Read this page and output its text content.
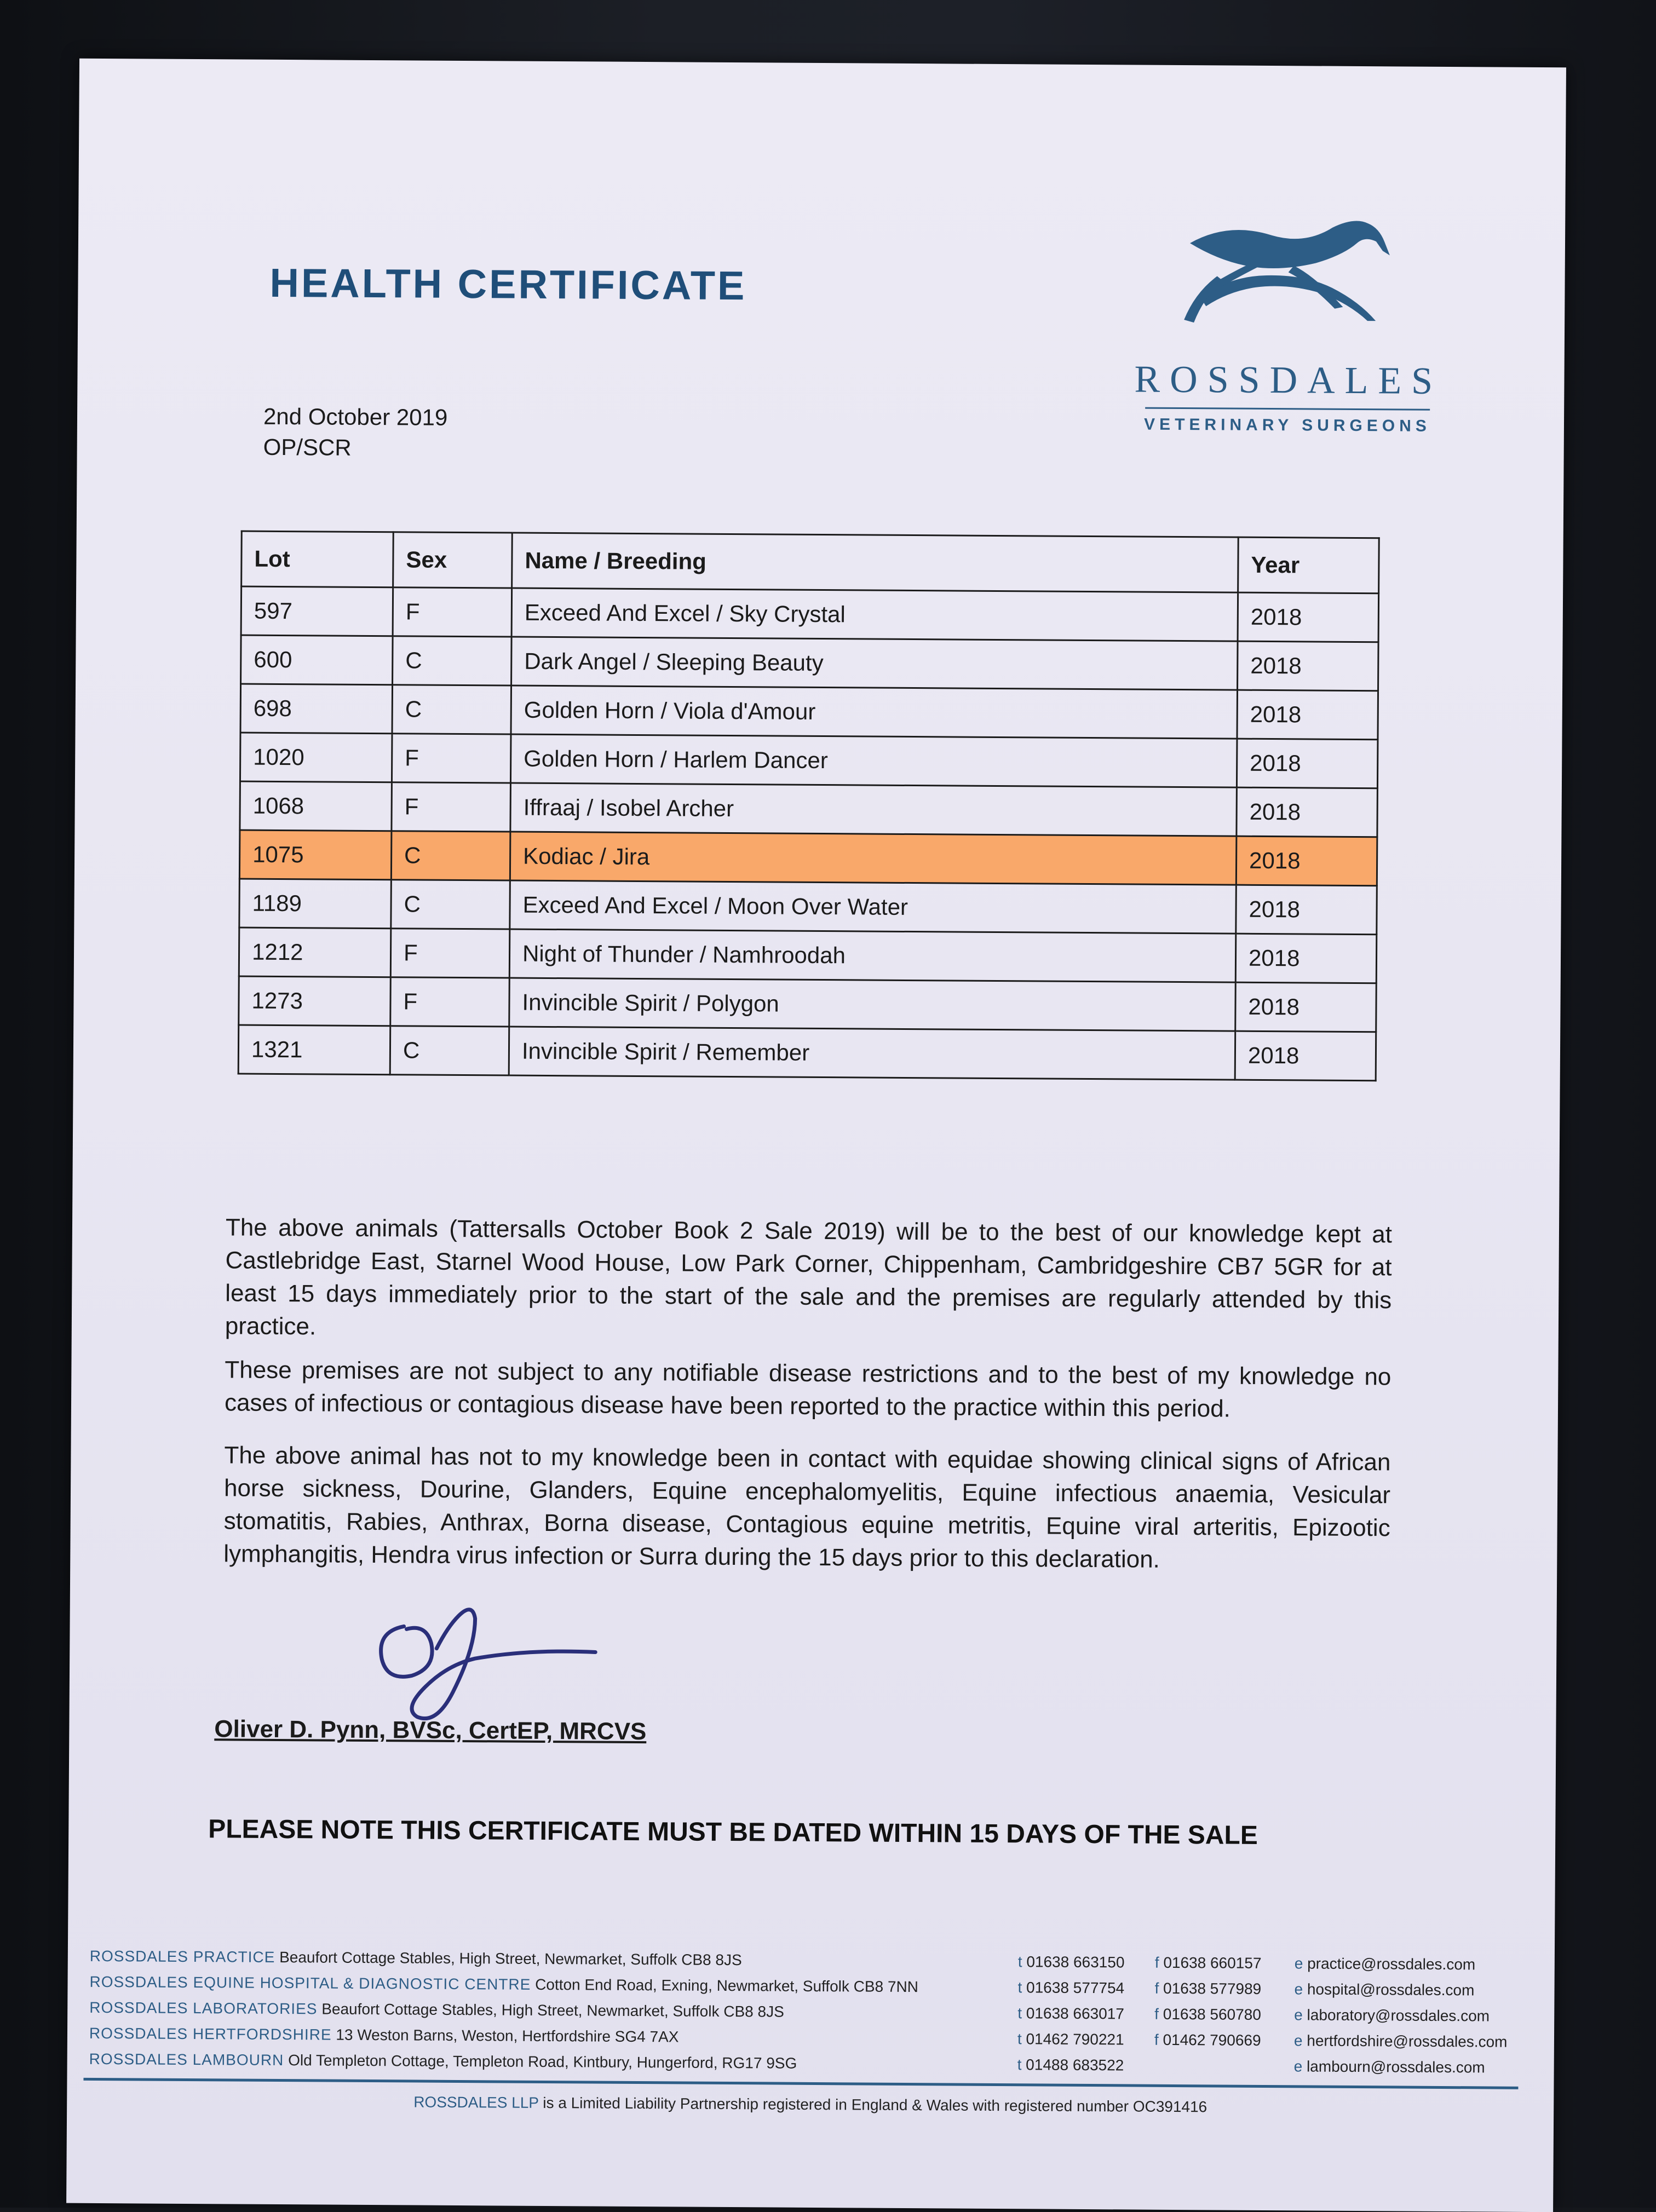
ROSSDALES
VETERINARY SURGEONS
HEALTH CERTIFICATE
2nd October 2019
OP/SCR
Lot	Sex	Name / Breeding	Year
597	F	Exceed And Excel / Sky Crystal	2018
600	C	Dark Angel / Sleeping Beauty	2018
698	C	Golden Horn / Viola d'Amour	2018
1020	F	Golden Horn / Harlem Dancer	2018
1068	F	Iffraaj / Isobel Archer	2018
1075	C	Kodiac / Jira	2018
1189	C	Exceed And Excel / Moon Over Water	2018
1212	F	Night of Thunder / Namhroodah	2018
1273	F	Invincible Spirit / Polygon	2018
1321	C	Invincible Spirit / Remember	2018

The above animals (Tattersalls October Book 2 Sale 2019) will be to the best of our knowledge kept at Castlebridge East, Starnel Wood House, Low Park Corner, Chippenham, Cambridgeshire CB7 5GR for at least 15 days immediately prior to the start of the sale and the premises are regularly attended by this practice.

These premises are not subject to any notifiable disease restrictions and to the best of my knowledge no cases of infectious or contagious disease have been reported to the practice within this period.

The above animal has not to my knowledge been in contact with equidae showing clinical signs of African horse sickness, Dourine, Glanders, Equine encephalomyelitis, Equine infectious anaemia, Vesicular stomatitis, Rabies, Anthrax, Borna disease, Contagious equine metritis, Equine viral arteritis, Epizootic lymphangitis, Hendra virus infection or Surra during the 15 days prior to this declaration.

Oliver D. Pynn, BVSc, CertEP, MRCVS
PLEASE NOTE THIS CERTIFICATE MUST BE DATED WITHIN 15 DAYS OF THE SALE
ROSSDALES PRACTICE Beaufort Cottage Stables, High Street, Newmarket, Suffolk CB8 8JS	t 01638 663150 f 01638 660157 e practice@rossdales.com
ROSSDALES EQUINE HOSPITAL & DIAGNOSTIC CENTRE Cotton End Road, Exning, Newmarket, Suffolk CB8 7NN	t 01638 577754 f 01638 577989 e hospital@rossdales.com
ROSSDALES LABORATORIES Beaufort Cottage Stables, High Street, Newmarket, Suffolk CB8 8JS	t 01638 663017 f 01638 560780 e laboratory@rossdales.com
ROSSDALES HERTFORDSHIRE 13 Weston Barns, Weston, Hertfordshire SG4 7AX	t 01462 790221 f 01462 790669 e hertfordshire@rossdales.com
ROSSDALES LAMBOURN Old Templeton Cottage, Templeton Road, Kintbury, Hungerford, RG17 9SG	t 01488 683522	e lambourn@rossdales.com
ROSSDALES LLP is a Limited Liability Partnership registered in England & Wales with registered number OC391416
